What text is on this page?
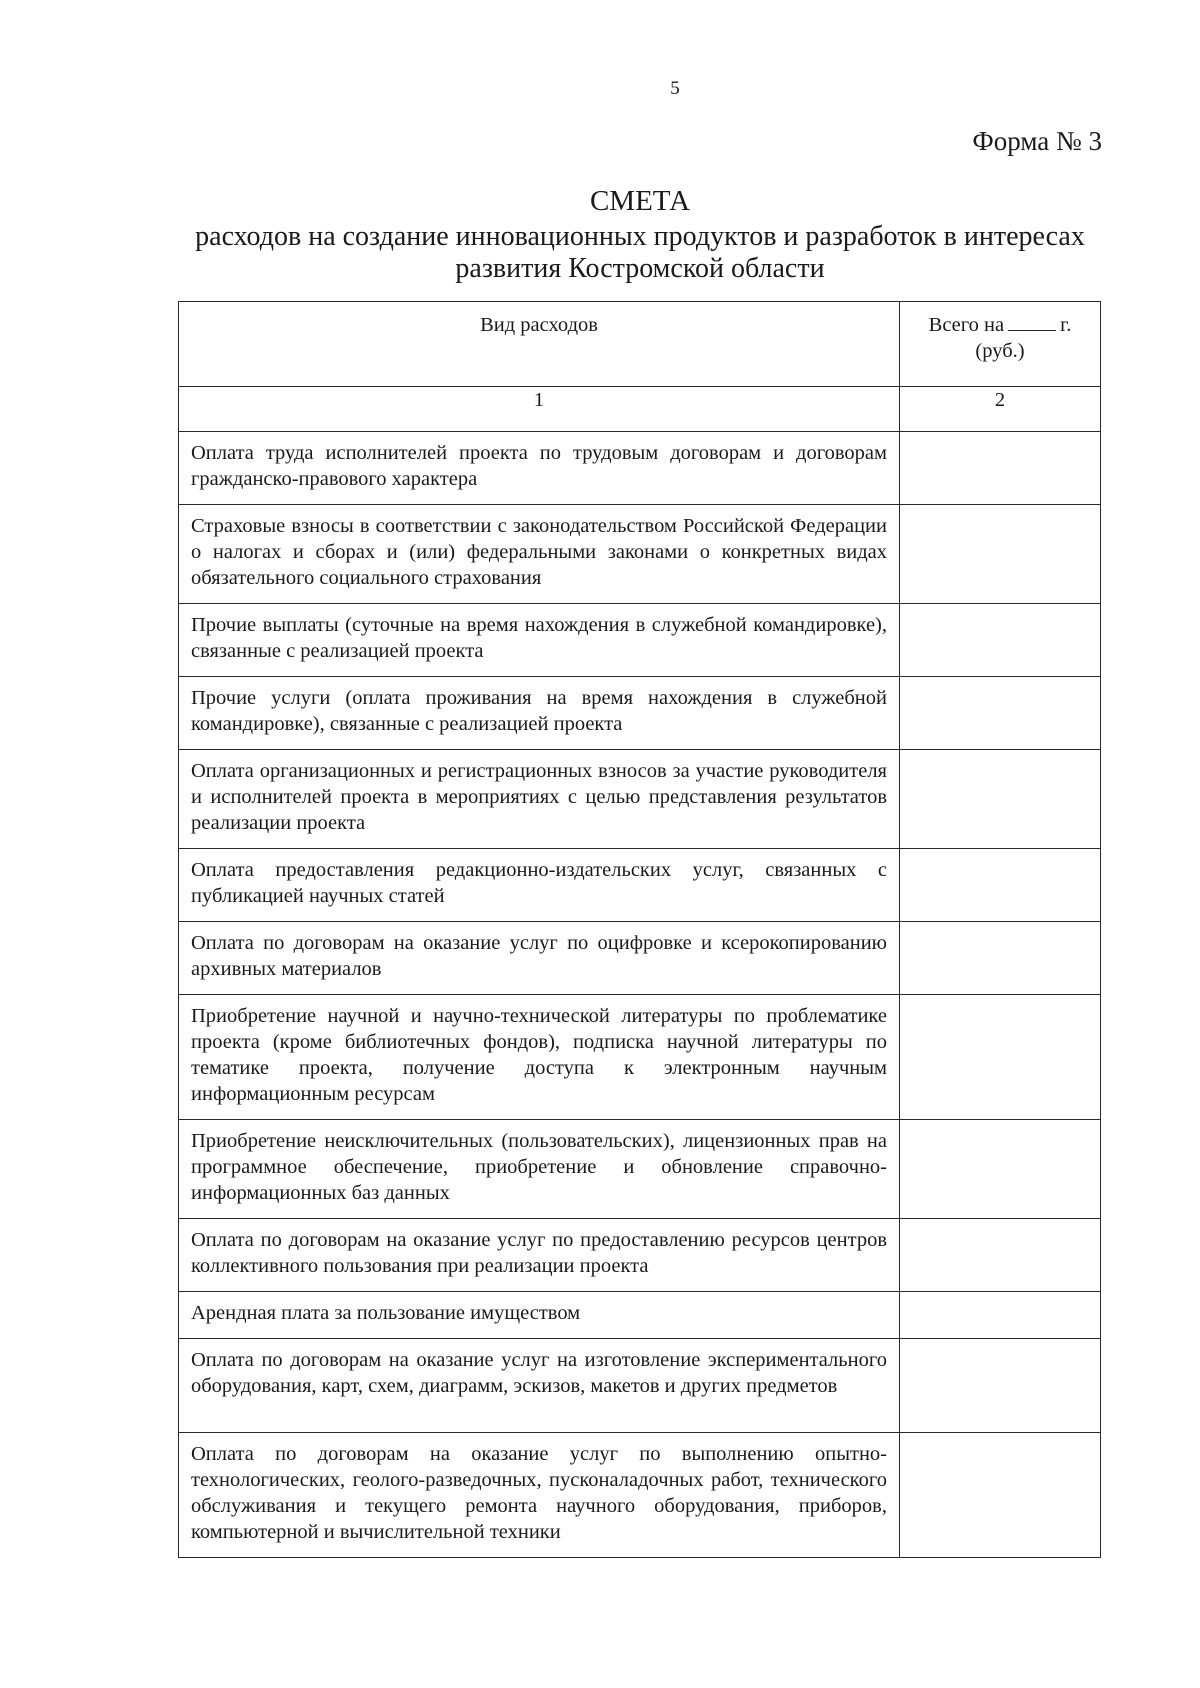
5
Форма № 3
СМЕТА
расходов на создание инновационных продуктов и разработок в интересах развития Костромской области
Вид расходов	Всего на г.
(руб.)
1	2
Оплата труда исполнителей проекта по трудовым договорам и договорам гражданско-правового характера	
Страховые взносы в соответствии с законодательством Российской Федерации о налогах и сборах и (или) федеральными законами о конкретных видах обязательного социального страхования	
Прочие выплаты (суточные на время нахождения в служебной командировке), связанные с реализацией проекта	
Прочие услуги (оплата проживания на время нахождения в служебной командировке), связанные с реализацией проекта	
Оплата организационных и регистрационных взносов за участие руководителя и исполнителей проекта в мероприятиях с целью представления результатов реализации проекта	
Оплата предоставления редакционно-издательских услуг, связанных с публикацией научных статей	
Оплата по договорам на оказание услуг по оцифровке и ксерокопированию архивных материалов	
Приобретение научной и научно-технической литературы по проблематике проекта (кроме библиотечных фондов), подписка научной литературы по тематике проекта, получение доступа к электронным научным информационным ресурсам	
Приобретение неисключительных (пользовательских), лицензионных прав на программное обеспечение, приобретение и обновление справочно-информационных баз данных	
Оплата по договорам на оказание услуг по предоставлению ресурсов центров коллективного пользования при реализации проекта	
Арендная плата за пользование имуществом	
Оплата по договорам на оказание услуг на изготовление экспериментального оборудования, карт, схем, диаграмм, эскизов, макетов и других предметов	
Оплата по договорам на оказание услуг по выполнению опытно-технологических, геолого-разведочных, пусконаладочных работ, технического обслуживания и текущего ремонта научного оборудования, приборов, компьютерной и вычислительной техники	
